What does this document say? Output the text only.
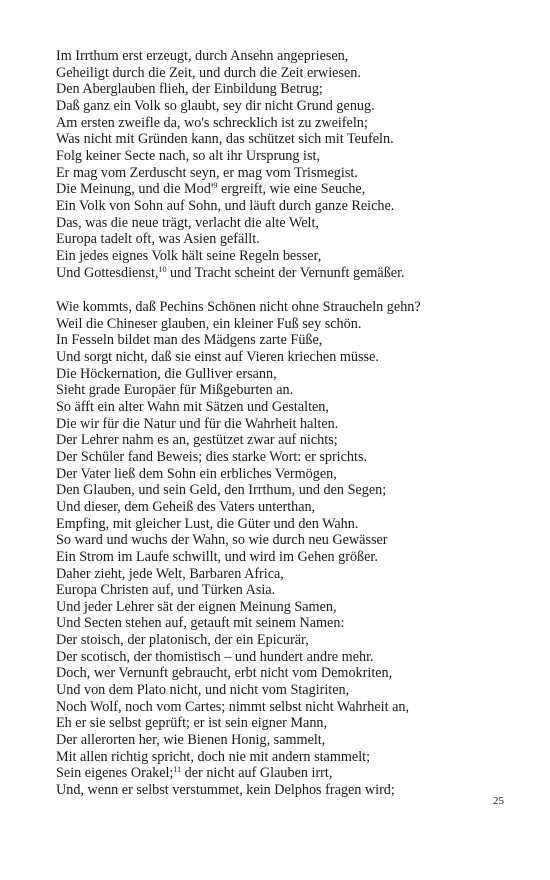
Im Irrthum erst erzeugt, durch Ansehn angepriesen,
Geheiligt durch die Zeit, und durch die Zeit erwiesen.
Den Aberglauben flieh, der Einbildung Betrug;
Daß ganz ein Volk so glaubt, sey dir nicht Grund genug.
Am ersten zweifle da, wo's schrecklich ist zu zweifeln;
Was nicht mit Gründen kann, das schützet sich mit Teufeln.
Folg keiner Secte nach, so alt ihr Ursprung ist,
Er mag vom Zerduscht seyn, er mag vom Trismegist.
Die Meinung, und die $Mod'^9$ ergreift, wie eine Seuche,
Ein Volk von Sohn auf Sohn, und läuft durch ganze Reiche.
Das, was die neue trägt, verlacht die alte Welt,
Europa tadelt oft, was Asien gefällt.
Ein jedes eignes Volk hält seine Regeln besser,
Und Gottesdienst,$^{10}$ und Tracht scheint der Vernunft gemäßer.
Wie kommts, daß Pechins Schönen nicht ohne Straucheln gehn?
Weil die Chineser glauben, ein kleiner Fuß sey schön.
In Fesseln bildet man des Mädgens zarte Füße,
Und sorgt nicht, daß sie einst auf Vieren kriechen müsse.
Die Höckernation, die Gulliver ersann,
Sieht grade Europäer für Mißgeburten an.
So äfft ein alter Wahn mit Sätzen und Gestalten,
Die wir für die Natur und für die Wahrheit halten.
Der Lehrer nahm es an, gestützet zwar auf nichts;
Der Schüler fand Beweis; dies starke Wort: er sprichts.
Der Vater ließ dem Sohn ein erbliches Vermögen,
Den Glauben, und sein Geld, den Irrthum, und den Segen;
Und dieser, dem Geheiß des Vaters unterthan,
Empfing, mit gleicher Lust, die Güter und den Wahn.
So ward und wuchs der Wahn, so wie durch neu Gewässer
Ein Strom im Laufe schwillt, und wird im Gehen größer.
Daher zieht, jede Welt, Barbaren Africa,
Europa Christen auf, und Türken Asia.
Und jeder Lehrer sät der eignen Meinung Samen,
Und Secten stehen auf, getauft mit seinem Namen:
Der stoisch, der platonisch, der ein Epicurär,
Der scotisch, der thomistisch – und hundert andre mehr.
Doch, wer Vernunft gebraucht, erbt nicht vom Demokriten,
Und von dem Plato nicht, und nicht vom Stagiriten,
Noch Wolf, noch vom Cartes; nimmt selbst nicht Wahrheit an,
Eh er sie selbst geprüft; er ist sein eigner Mann,
Der allerorten her, wie Bienen Honig, sammelt,
Mit allen richtig spricht, doch nie mit andern stammelt;
Sein eigenes Orakel;$^{11}$ der nicht auf Glauben irrt,
Und, wenn er selbst verstummet, kein Delphos fragen wird;
25
